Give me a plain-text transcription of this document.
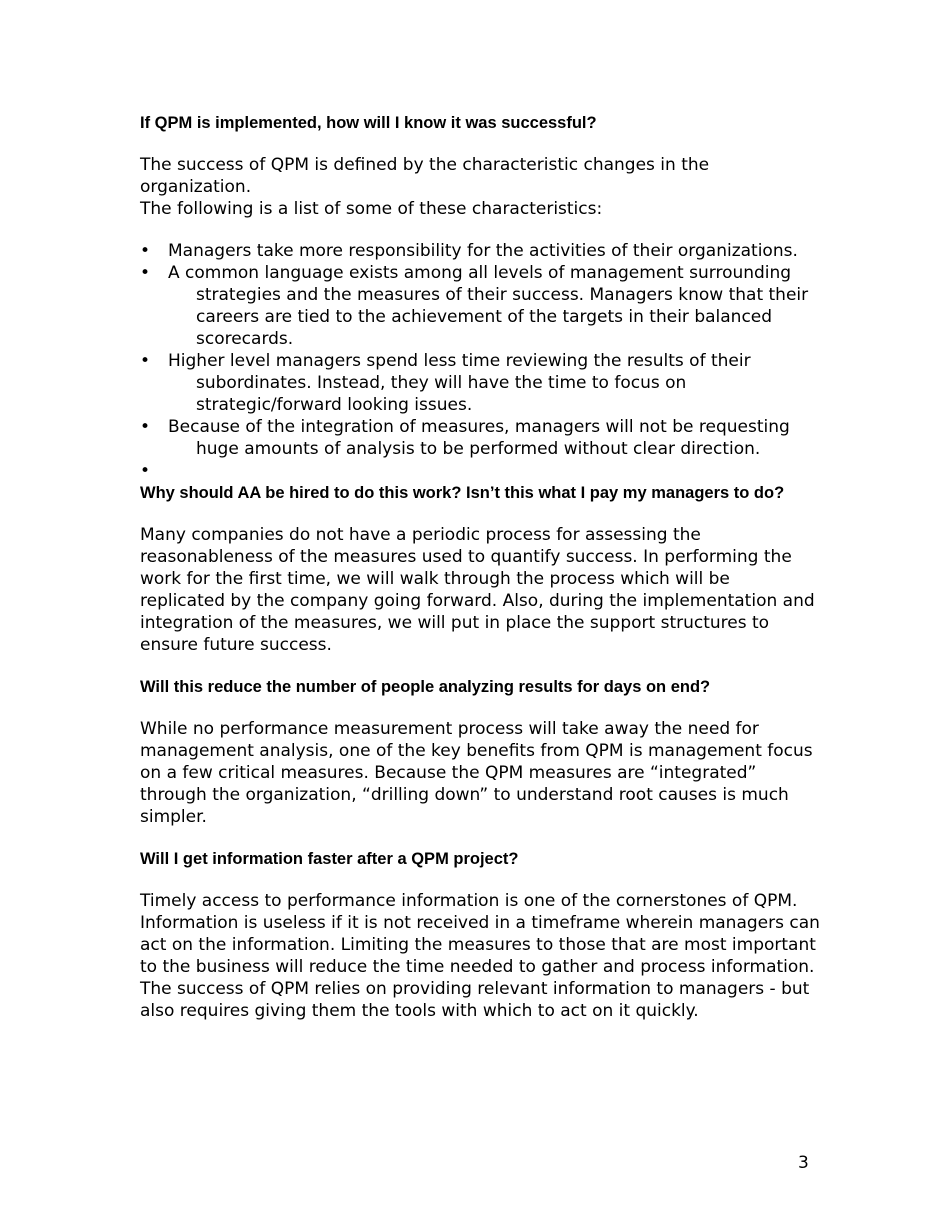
If QPM is implemented, how will I know it was successful?

The success of QPM is defined by the characteristic changes in the organization.
The following is a list of some of these characteristics:

• Managers take more responsibility for the activities of their organizations.
• A common language exists among all levels of management surrounding strategies and the measures of their success. Managers know that their careers are tied to the achievement of the targets in their balanced scorecards.
• Higher level managers spend less time reviewing the results of their subordinates. Instead, they will have the time to focus on strategic/forward looking issues.
• Because of the integration of measures, managers will not be requesting huge amounts of analysis to be performed without clear direction.
•

Why should AA be hired to do this work? Isn’t this what I pay my managers to do?

Many companies do not have a periodic process for assessing the reasonableness of the measures used to quantify success. In performing the work for the first time, we will walk through the process which will be replicated by the company going forward. Also, during the implementation and integration of the measures, we will put in place the support structures to ensure future success.

Will this reduce the number of people analyzing results for days on end?

While no performance measurement process will take away the need for management analysis, one of the key benefits from QPM is management focus on a few critical measures. Because the QPM measures are “integrated” through the organization, “drilling down” to understand root causes is much simpler.

Will I get information faster after a QPM project?

Timely access to performance information is one of the cornerstones of QPM. Information is useless if it is not received in a timeframe wherein managers can act on the information. Limiting the measures to those that are most important to the business will reduce the time needed to gather and process information. The success of QPM relies on providing relevant information to managers - but also requires giving them the tools with which to act on it quickly.

3
